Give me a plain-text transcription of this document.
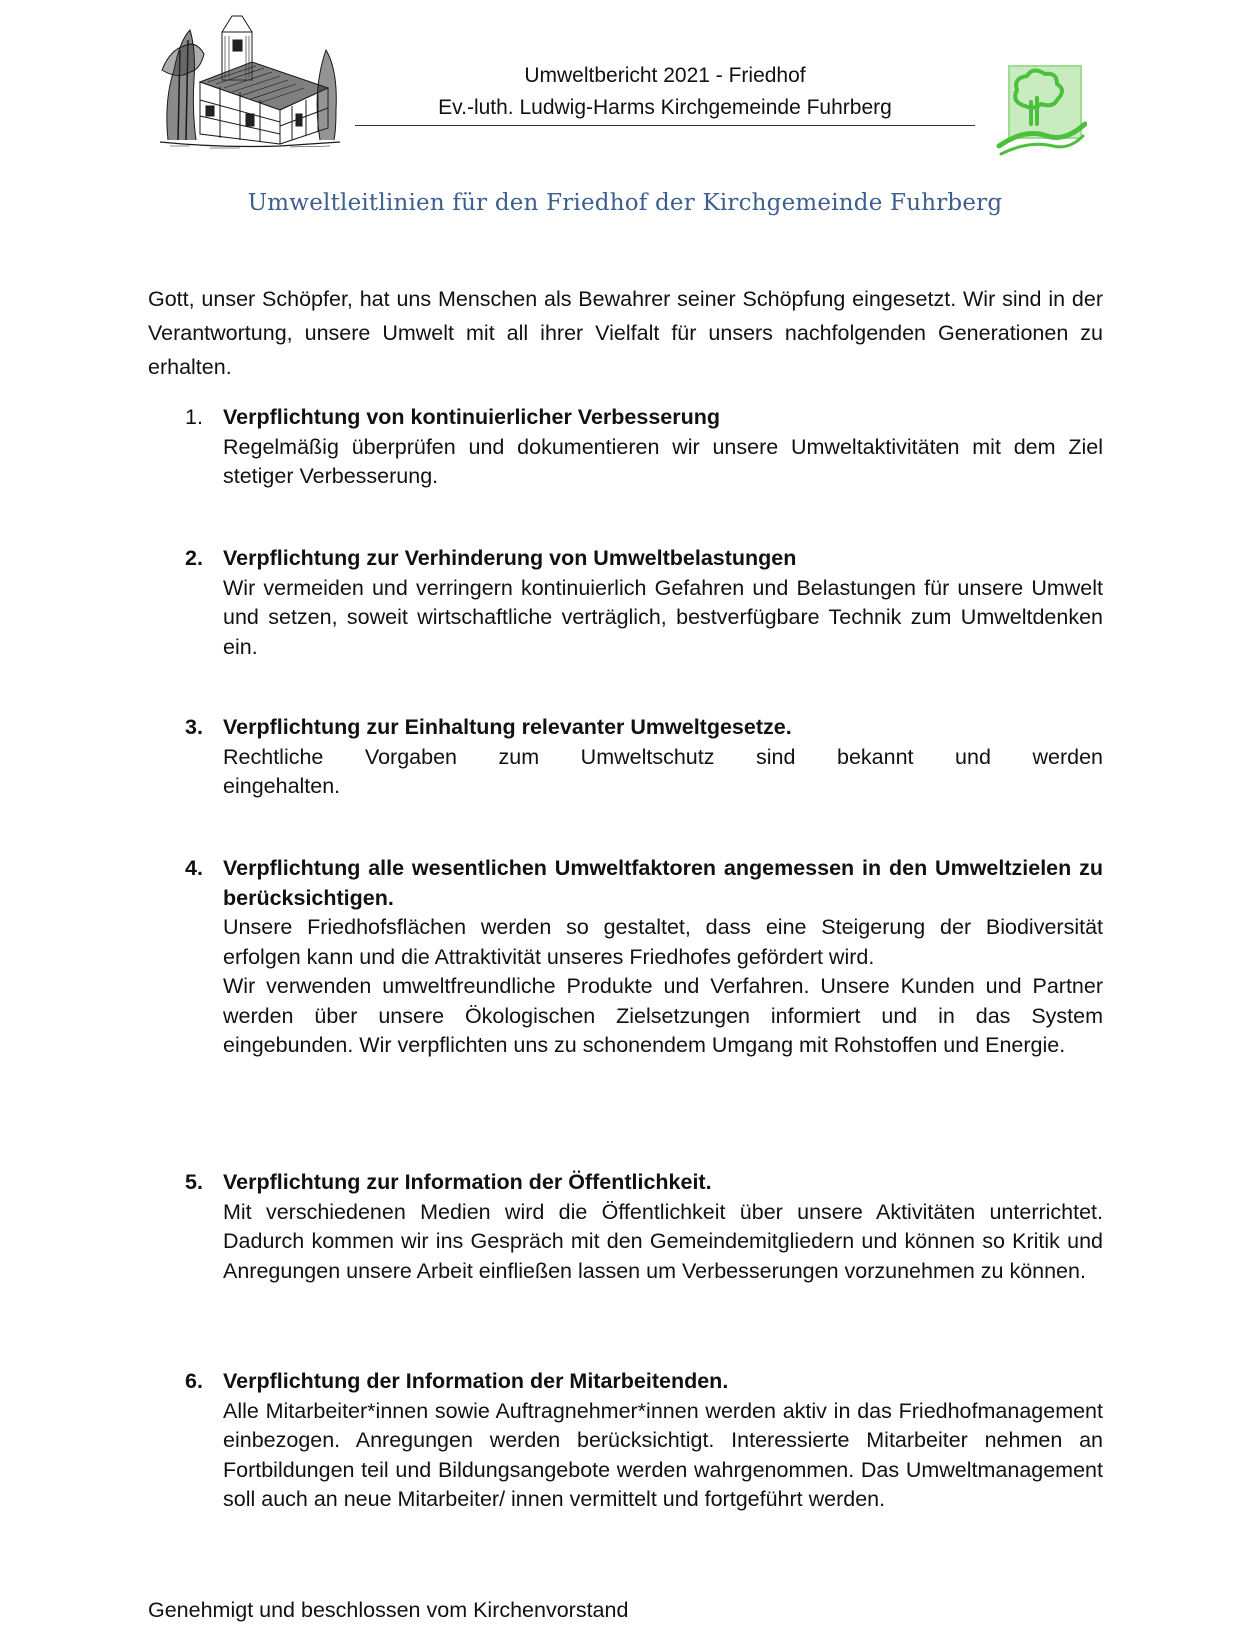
Umweltbericht 2021 - Friedhof
Ev.-luth. Ludwig-Harms Kirchgemeinde Fuhrberg
Umweltleitlinien für den Friedhof der Kirchgemeinde Fuhrberg

Gott, unser Schöpfer, hat uns Menschen als Bewahrer seiner Schöpfung eingesetzt. Wir sind in der Verantwortung, unsere Umwelt mit all ihrer Vielfalt für unsers nachfolgenden Generationen zu erhalten.

1. Verpflichtung von kontinuierlicher Verbesserung
Regelmäßig überprüfen und dokumentieren wir unsere Umweltaktivitäten mit dem Ziel stetiger Verbesserung.
2. Verpflichtung zur Verhinderung von Umweltbelastungen
Wir vermeiden und verringern kontinuierlich Gefahren und Belastungen für unsere Umwelt und setzen, soweit wirtschaftliche verträglich, bestverfügbare Technik zum Umweltdenken ein.
3. Verpflichtung zur Einhaltung relevanter Umweltgesetze.
Rechtliche Vorgaben zum Umweltschutz sind bekannt und werden
eingehalten.
4. Verpflichtung alle wesentlichen Umweltfaktoren angemessen in den Umweltzielen zu berücksichtigen.
Unsere Friedhofsflächen werden so gestaltet, dass eine Steigerung der Biodiversität erfolgen kann und die Attraktivität unseres Friedhofes gefördert wird.
Wir verwenden umweltfreundliche Produkte und Verfahren. Unsere Kunden und Partner werden über unsere Ökologischen Zielsetzungen informiert und in das System eingebunden. Wir verpflichten uns zu schonendem Umgang mit Rohstoffen und Energie.
5. Verpflichtung zur Information der Öffentlichkeit.
Mit verschiedenen Medien wird die Öffentlichkeit über unsere Aktivitäten unterrichtet. Dadurch kommen wir ins Gespräch mit den Gemeindemitgliedern und können so Kritik und Anregungen unsere Arbeit einfließen lassen um Verbesserungen vorzunehmen zu können.
6. Verpflichtung der Information der Mitarbeitenden.
Alle Mitarbeiter*innen sowie Auftragnehmer*innen werden aktiv in das Friedhofmanagement einbezogen. Anregungen werden berücksichtigt. Interessierte Mitarbeiter nehmen an Fortbildungen teil und Bildungsangebote werden wahrgenommen. Das Umweltmanagement soll auch an neue Mitarbeiter/ innen vermittelt und fortgeführt werden.
Genehmigt und beschlossen vom Kirchenvorstand
